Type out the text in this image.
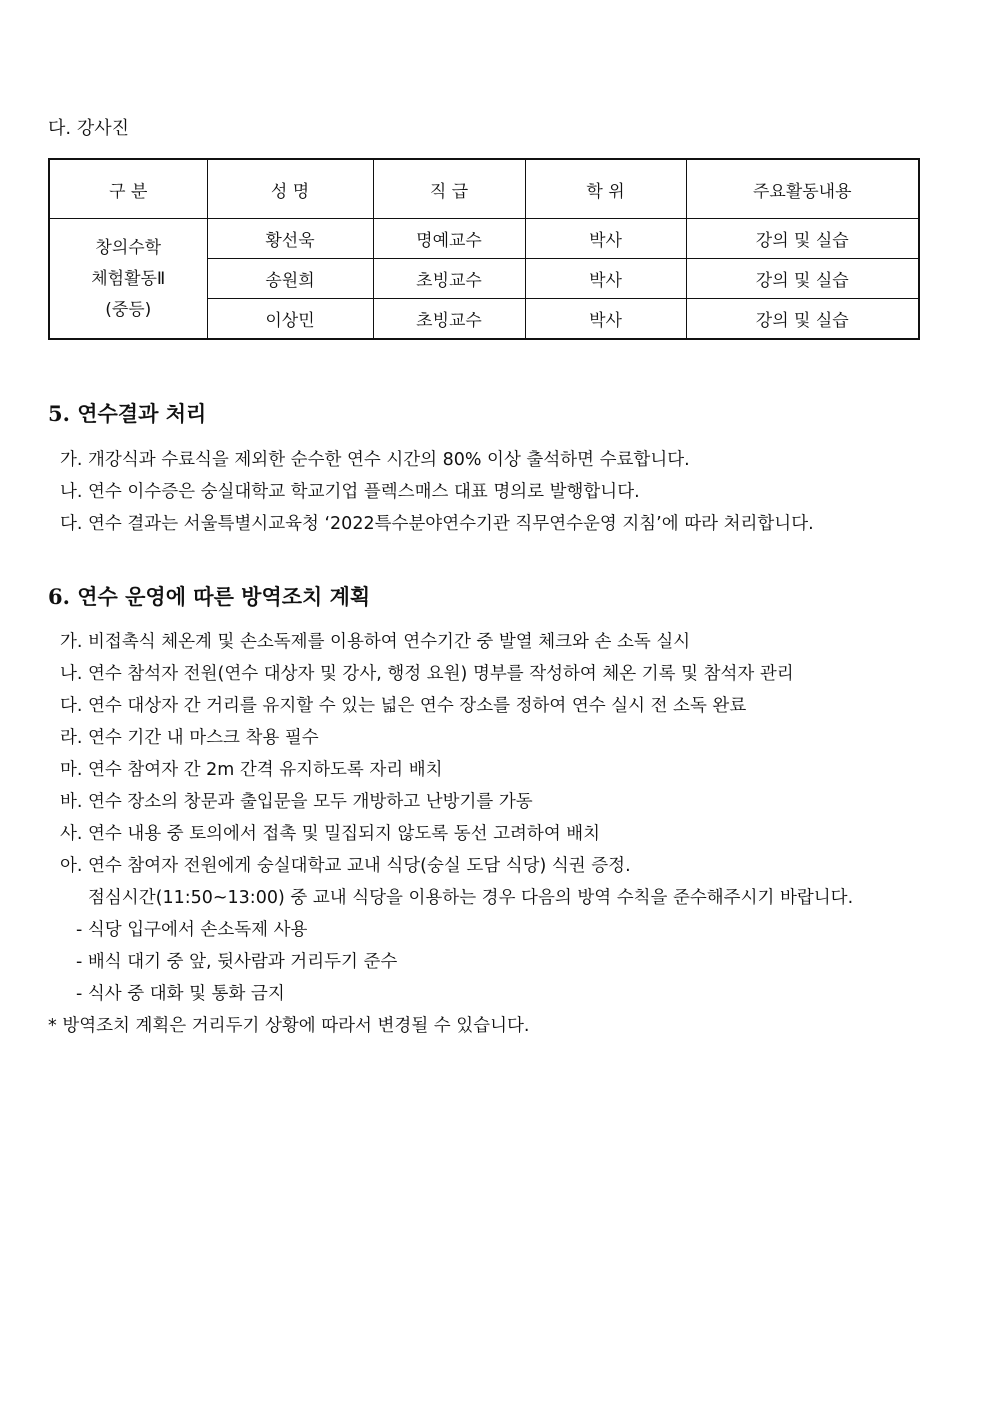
다. 강사진
구 분	성 명	직 급	학 위	주요활동내용

창의수학
체험활동Ⅱ
(중등)	황선욱	명예교수	박사	강의 및 실습
	송원희	초빙교수	박사	강의 및 실습
	이상민	초빙교수	박사	강의 및 실습
5. 연수결과 처리
가. 개강식과 수료식을 제외한 순수한 연수 시간의 80% 이상 출석하면 수료합니다.
나. 연수 이수증은 숭실대학교 학교기업 플렉스매스 대표 명의로 발행합니다.
다. 연수 결과는 서울특별시교육청 ‘2022특수분야연수기관 직무연수운영 지침’에 따라 처리합니다.
6. 연수 운영에 따른 방역조치 계획
가. 비접촉식 체온계 및 손소독제를 이용하여 연수기간 중 발열 체크와 손 소독 실시
나. 연수 참석자 전원(연수 대상자 및 강사, 행정 요원) 명부를 작성하여 체온 기록 및 참석자 관리
다. 연수 대상자 간 거리를 유지할 수 있는 넓은 연수 장소를 정하여 연수 실시 전 소독 완료
라. 연수 기간 내 마스크 착용 필수
마. 연수 참여자 간 2m 간격 유지하도록 자리 배치
바. 연수 장소의 창문과 출입문을 모두 개방하고 난방기를 가동
사. 연수 내용 중 토의에서 접촉 및 밀집되지 않도록 동선 고려하여 배치
아. 연수 참여자 전원에게 숭실대학교 교내 식당(숭실 도담 식당) 식권 증정.
점심시간(11:50~13:00) 중 교내 식당을 이용하는 경우 다음의 방역 수칙을 준수해주시기 바랍니다.
- 식당 입구에서 손소독제 사용
- 배식 대기 중 앞, 뒷사람과 거리두기 준수
- 식사 중 대화 및 통화 금지
* 방역조치 계획은 거리두기 상황에 따라서 변경될 수 있습니다.
